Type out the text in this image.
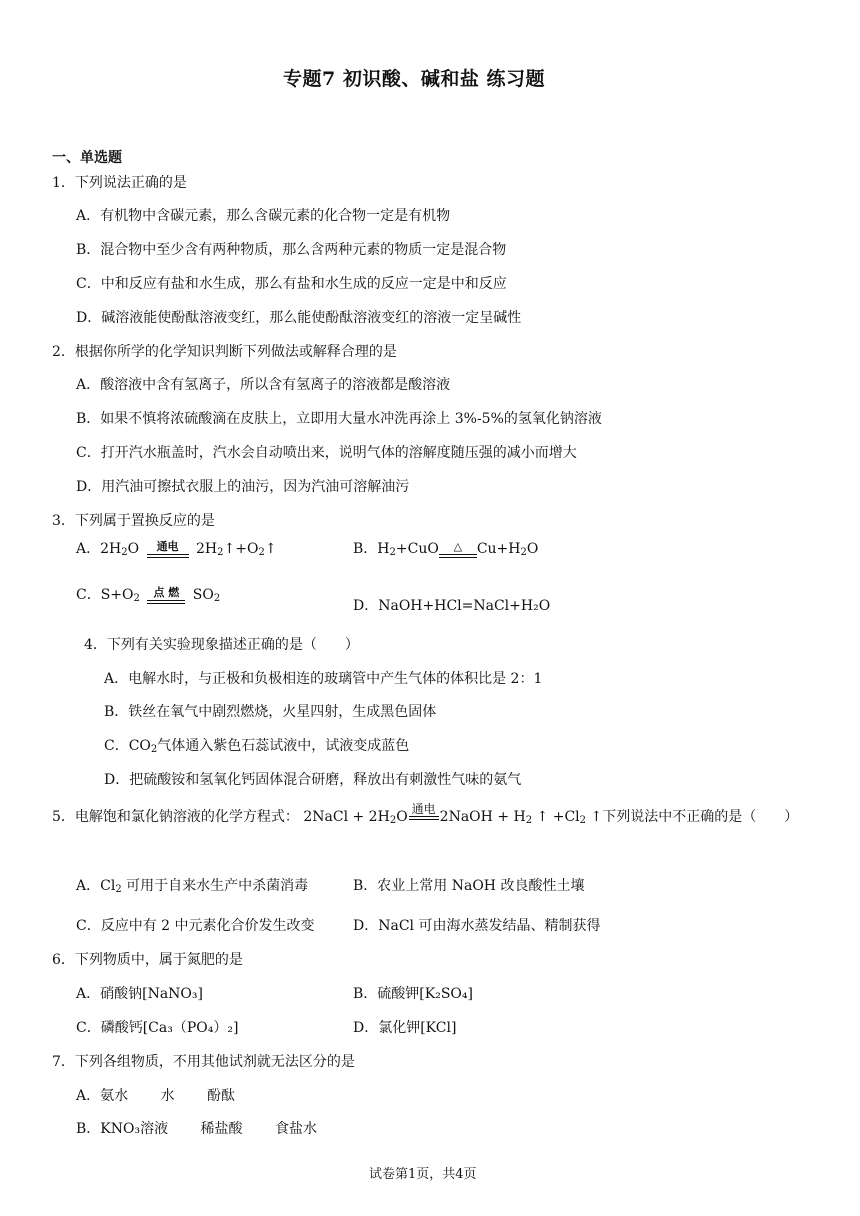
专题7 初识酸、碱和盐 练习题
一、单选题
1．下列说法正确的是
A．有机物中含碳元素，那么含碳元素的化合物一定是有机物
B．混合物中至少含有两种物质，那么含两种元素的物质一定是混合物
C．中和反应有盐和水生成，那么有盐和水生成的反应一定是中和反应
D．碱溶液能使酚酞溶液变红，那么能使酚酞溶液变红的溶液一定呈碱性
2．根据你所学的化学知识判断下列做法或解释合理的是
A．酸溶液中含有氢离子，所以含有氢离子的溶液都是酸溶液
B．如果不慎将浓硫酸滴在皮肤上，立即用大量水冲洗再涂上 3%-5%的氢氧化钠溶液
C．打开汽水瓶盖时，汽水会自动喷出来，说明气体的溶解度随压强的减小而增大
D．用汽油可擦拭衣服上的油污，因为汽油可溶解油污
3．下列属于置换反应的是
A．$2H_2O$	通电 $2H_2↑+O_2↑$	B．$H_2+CuO$	△	$Cu+H_2O$
C．$S+O_2$	点 燃 $SO_2$	D．NaOH+HCl=NaCl+H₂O
4．下列有关实验现象描述正确的是（　　）
A．电解水时，与正极和负极相连的玻璃管中产生气体的体积比是 2：1
B．铁丝在氧气中剧烈燃烧，火星四射，生成黑色固体
C．$CO_2$气体通入紫色石蕊试液中，试液变成蓝色
D．把硫酸铵和氢氧化钙固体混合研磨，释放出有刺激性气味的氨气
5．电解饱和氯化钠溶液的化学方程式： 2NaCl + $2H_2O$
通电
2NaOH + $H_2$ ↑ $+Cl_2$ ↑下列说法中不正确的是（　　）
A．$Cl_2$ 可用于自来水生产中杀菌消毒	B．农业上常用 NaOH 改良酸性土壤
C．反应中有 2 中元素化合价发生改变	D．NaCl 可由海水蒸发结晶、精制获得
6．下列物质中，属于氮肥的是
A．硝酸钠[NaNO₃]	B．硫酸钾[K₂SO₄]
C．磷酸钙[Ca₃（PO₄）₂]	D．氯化钾[KCl]
7．下列各组物质，不用其他试剂就无法区分的是
A．氨水　　 水　　 酚酞
B．KNO₃溶液　　 稀盐酸　　 食盐水
试卷第1页，共4页
